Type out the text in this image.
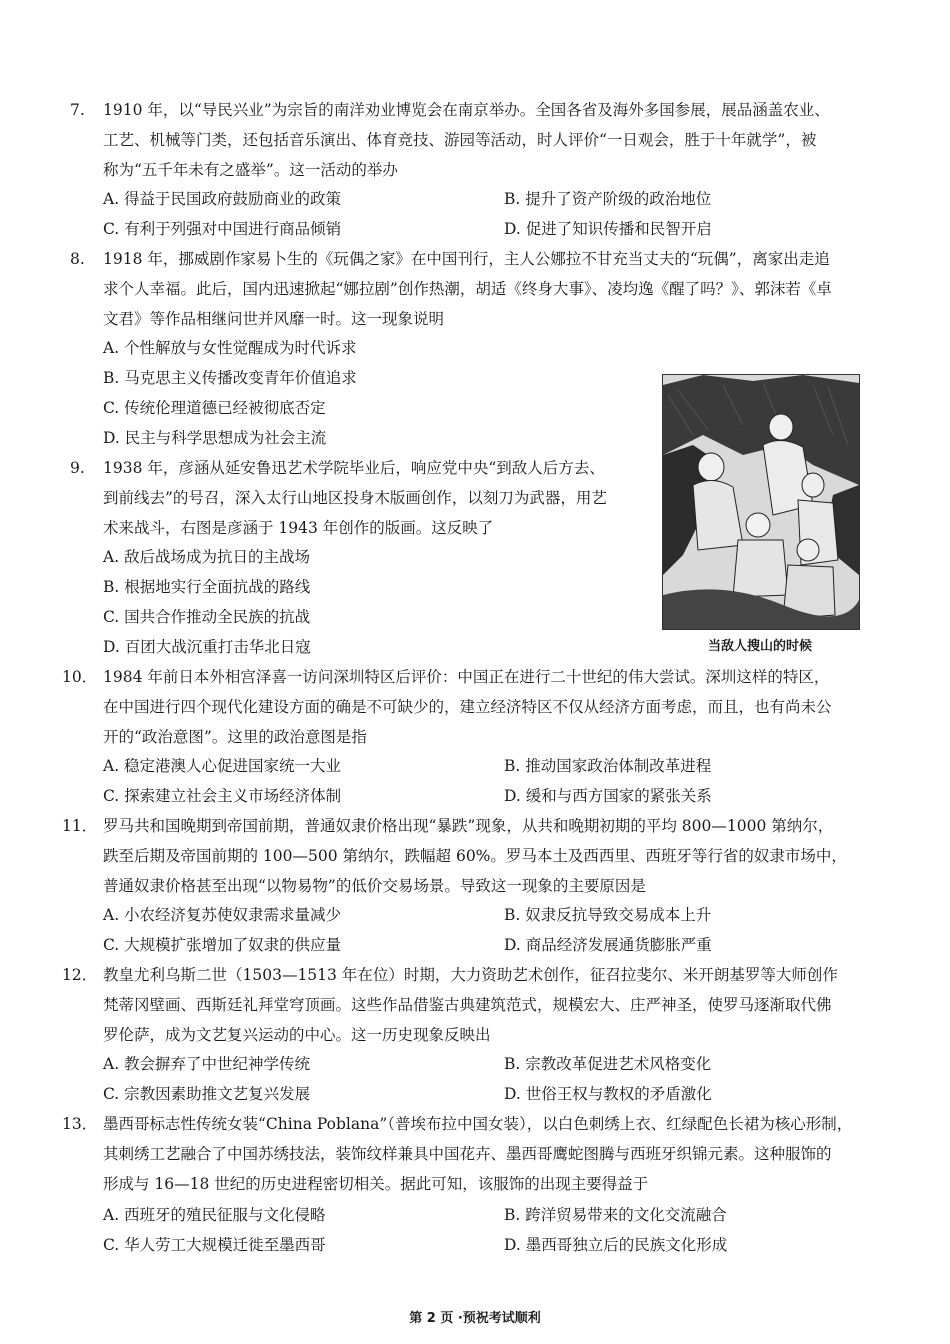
7. 1910 年，以“导民兴业”为宗旨的南洋劝业博览会在南京举办。全国各省及海外多国参展，展品涵盖农业、
工艺、机械等门类，还包括音乐演出、体育竞技、游园等活动，时人评价“一日观会，胜于十年就学”，被
称为“五千年未有之盛举”。这一活动的举办
A. 得益于民国政府鼓励商业的政策	B. 提升了资产阶级的政治地位
C. 有利于列强对中国进行商品倾销	D. 促进了知识传播和民智开启
8. 1918 年，挪威剧作家易卜生的《玩偶之家》在中国刊行，主人公娜拉不甘充当丈夫的“玩偶”，离家出走追
求个人幸福。此后，国内迅速掀起“娜拉剧”创作热潮，胡适《终身大事》、凌均逸《醒了吗？》、郭沫若《卓
文君》等作品相继问世并风靡一时。这一现象说明
A. 个性解放与女性觉醒成为时代诉求
B. 马克思主义传播改变青年价值追求
C. 传统伦理道德已经被彻底否定
D. 民主与科学思想成为社会主流
9. 1938 年，彦涵从延安鲁迅艺术学院毕业后，响应党中央“到敌人后方去、
到前线去”的号召，深入太行山地区投身木版画创作，以刻刀为武器，用艺
术来战斗，右图是彦涵于 1943 年创作的版画。这反映了
A. 敌后战场成为抗日的主战场
B. 根据地实行全面抗战的路线
C. 国共合作推动全民族的抗战
D. 百团大战沉重打击华北日寇	当敌人搜山的时候
10． 1984 年前日本外相宫泽喜一访问深圳特区后评价：中国正在进行二十世纪的伟大尝试。深圳这样的特区，
在中国进行四个现代化建设方面的确是不可缺少的，建立经济特区不仅从经济方面考虑，而且，也有尚未公
开的“政治意图”。这里的政治意图是指
A. 稳定港澳人心促进国家统一大业	B. 推动国家政治体制改革进程
C. 探索建立社会主义市场经济体制	D. 缓和与西方国家的紧张关系
11． 罗马共和国晚期到帝国前期，普通奴隶价格出现“暴跌”现象，从共和晚期初期的平均 800—1000 第纳尔，
跌至后期及帝国前期的 100—500 第纳尔，跌幅超 60%。罗马本土及西西里、西班牙等行省的奴隶市场中，
普通奴隶价格甚至出现“以物易物”的低价交易场景。导致这一现象的主要原因是
A. 小农经济复苏使奴隶需求量减少	B. 奴隶反抗导致交易成本上升
C. 大规模扩张增加了奴隶的供应量	D. 商品经济发展通货膨胀严重
12． 教皇尤利乌斯二世（1503—1513 年在位）时期，大力资助艺术创作，征召拉斐尔、米开朗基罗等大师创作
梵蒂冈壁画、西斯廷礼拜堂穹顶画。这些作品借鉴古典建筑范式，规模宏大、庄严神圣，使罗马逐渐取代佛
罗伦萨，成为文艺复兴运动的中心。这一历史现象反映出
A. 教会摒弃了中世纪神学传统	B. 宗教改革促进艺术风格变化
C. 宗教因素助推文艺复兴发展	D. 世俗王权与教权的矛盾激化
13． 墨西哥标志性传统女装“China Poblana”（普埃布拉中国女装），以白色刺绣上衣、红绿配色长裙为核心形制，
其刺绣工艺融合了中国苏绣技法，装饰纹样兼具中国花卉、墨西哥鹰蛇图腾与西班牙织锦元素。这种服饰的
形成与 16—18 世纪的历史进程密切相关。据此可知，该服饰的出现主要得益于
A. 西班牙的殖民征服与文化侵略	B. 跨洋贸易带来的文化交流融合
C. 华人劳工大规模迁徙至墨西哥	D. 墨西哥独立后的民族文化形成
第 2 页 ·预祝考试顺利
